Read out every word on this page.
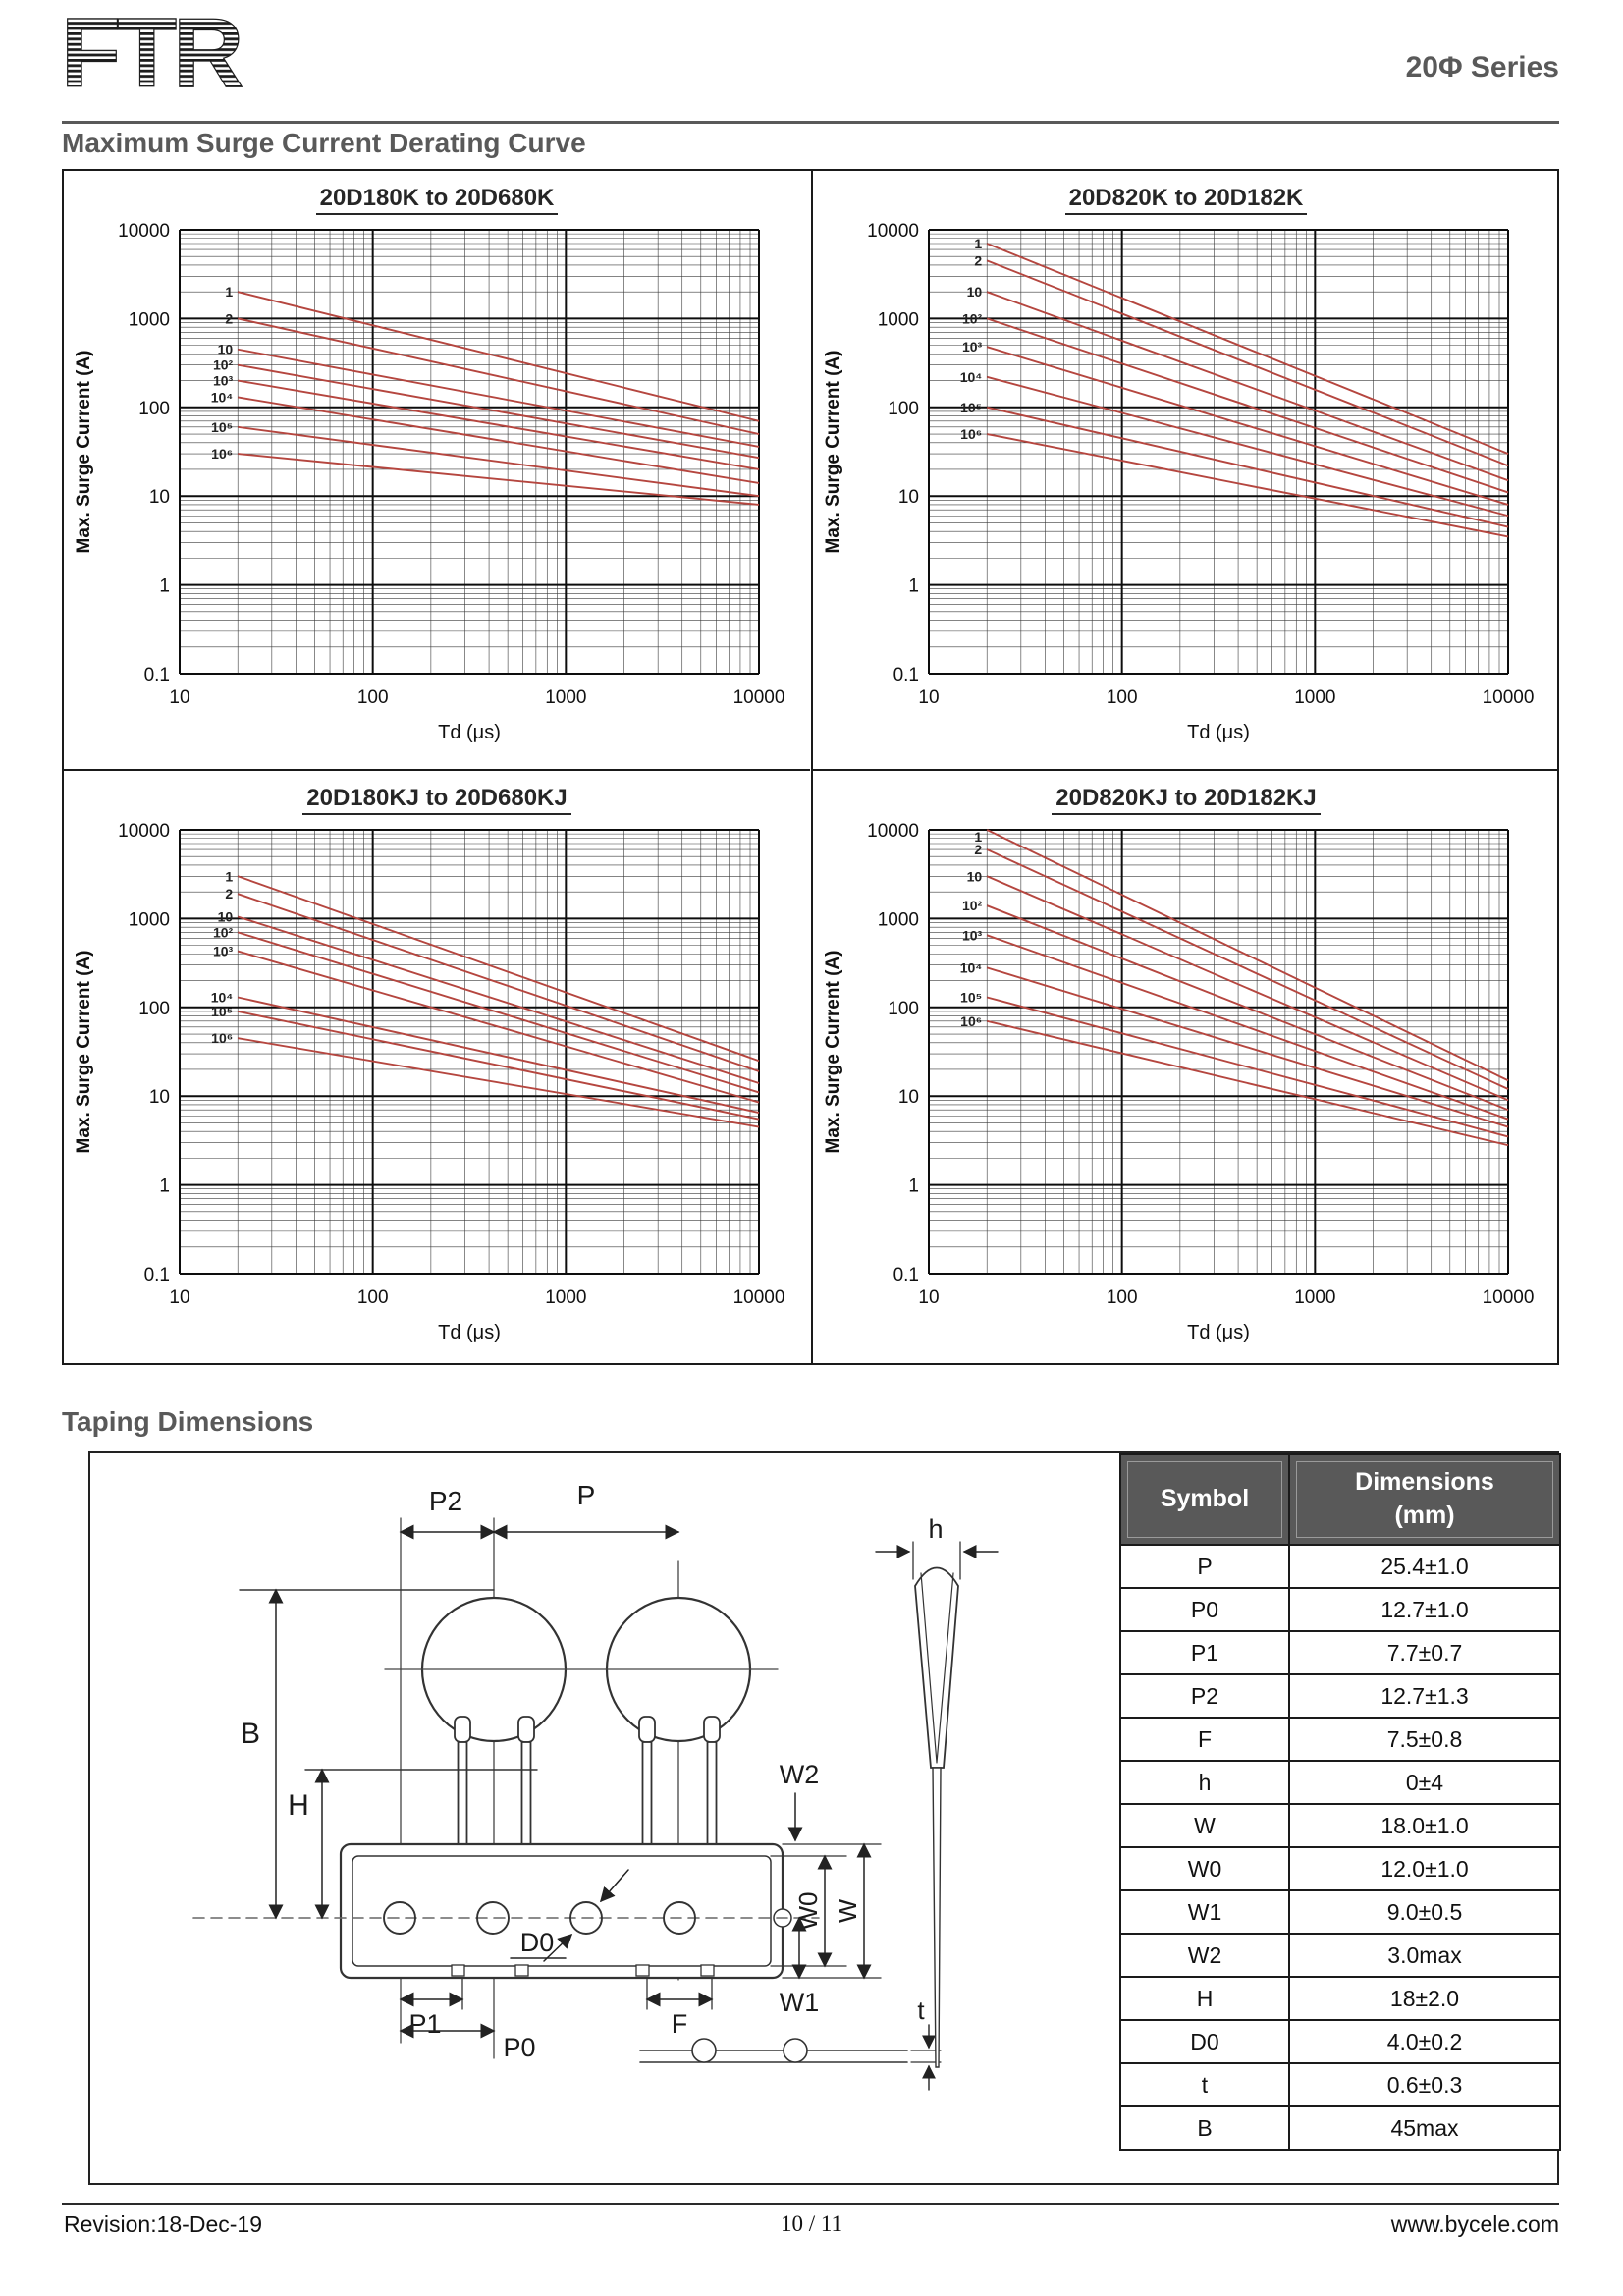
FTR	20Φ Series
Maximum Surge Current Derating Curve
20D180K to 20D680K
10000
1000
100
10
1
0.1
10	100	1000	10000
Td (μs)
Max. Surge Current (A)
1
2
10
10²
10³
10⁴
10⁵
10⁶
20D820K to 20D182K
10000
1000
100
10
1
0.1
10	100	1000	10000
Td (μs)
Max. Surge Current (A)
1
2
10
10²
10³
10⁴
10⁵
10⁶
20D180KJ to 20D680KJ
10000
1000
100
10
1
0.1
10	100	1000	10000
Td (μs)
Max. Surge Current (A)
1
2
10
10²
10³
10⁴
10⁵
10⁶
20D820KJ to 20D182KJ
10000
1000
100
10
1
0.1
10	100	1000	10000
Td (μs)
Max. Surge Current (A)
1
2
10
10²
10³
10⁴
10⁵
10⁶
Taping Dimensions
D0
P2	P
B
H
P1
P0
F
W2
W0 W
W1	t
h
Symbol	Dimensions
(mm)

P	25.4±1.0
P0	12.7±1.0
P1	7.7±0.7
P2	12.7±1.3
F	7.5±0.8
h	0±4
W	18.0±1.0
W0	12.0±1.0
W1	9.0±0.5
W2	3.0max
H	18±2.0
D0	4.0±0.2
t	0.6±0.3
B	45max
Revision:18-Dec-19	10 / 11	www.bycele.com
